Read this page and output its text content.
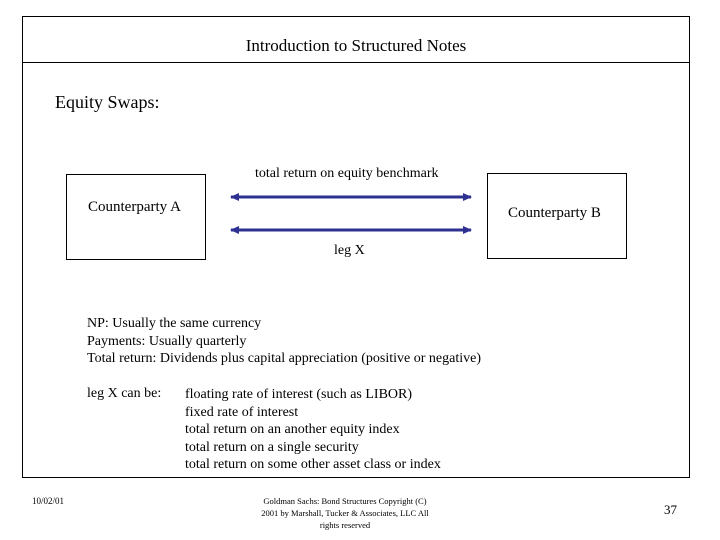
Introduction to Structured Notes
Equity Swaps:
Counterparty A	Counterparty B
total return on equity benchmark
leg X
NP: Usually the same currency
Payments: Usually quarterly
Total return: Dividends plus capital appreciation (positive or negative)
leg X can be: floating rate of interest (such as LIBOR)
fixed rate of interest
total return on an another equity index
total return on a single security
total return on some other asset class or index
10/02/01	Goldman Sachs: Bond Structures Copyright (C)
2001 by Marshall, Tucker & Associates, LLC All
rights reserved
37
